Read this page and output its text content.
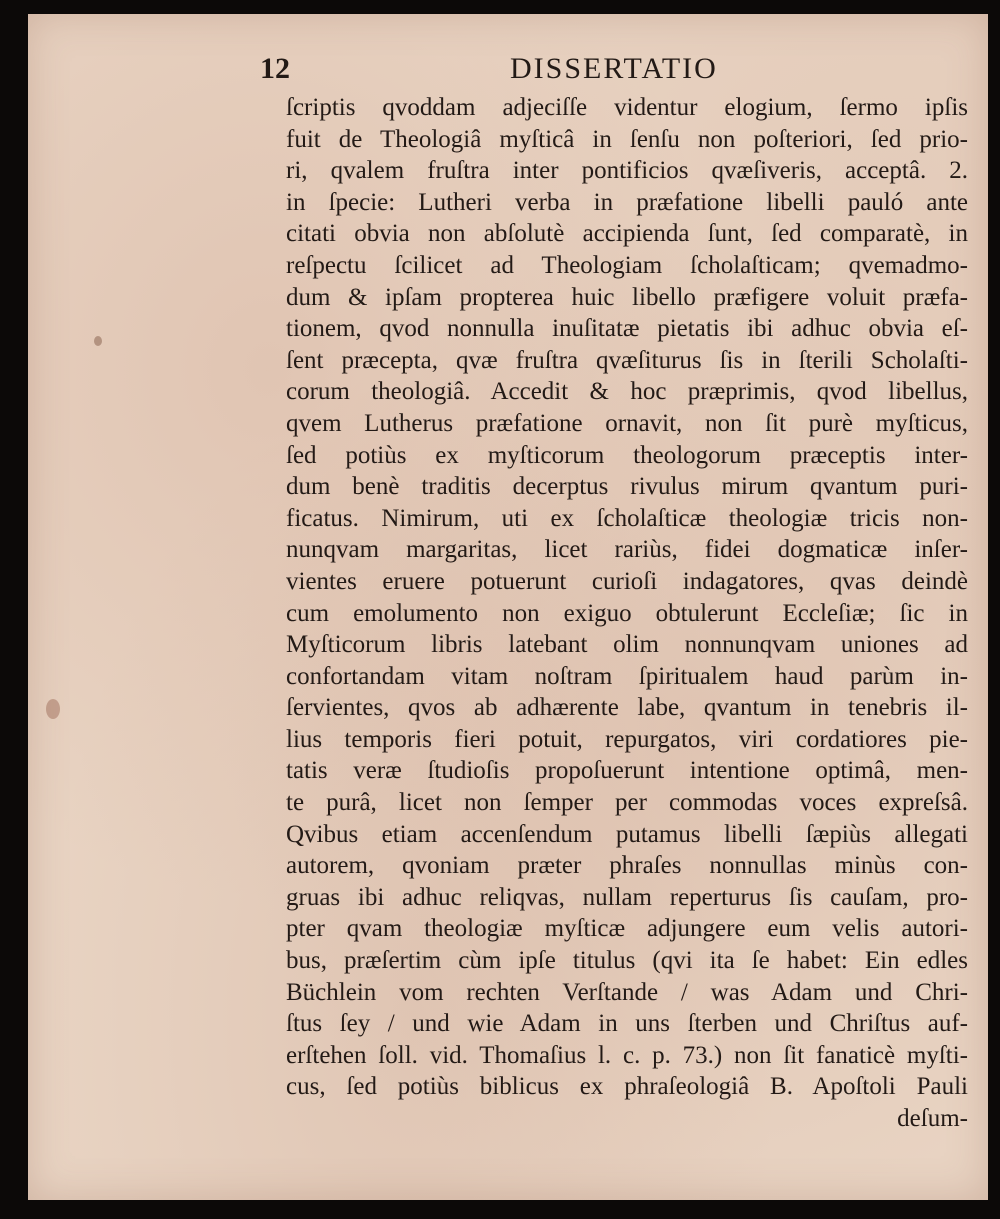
12	DISSERTATIO
ſcriptis qvoddam adjeciſſe videntur elogium, ſermo ipſis
fuit de Theologiâ myſticâ in ſenſu non poſteriori, ſed prio-
ri, qvalem fruſtra inter pontificios qvæſiveris, acceptâ. 2.
in ſpecie: Lutheri verba in præfatione libelli pauló ante
citati obvia non abſolutè accipienda ſunt, ſed comparatè, in
reſpectu ſcilicet ad Theologiam ſcholaſticam; qvemadmo-
dum & ipſam propterea huic libello præfigere voluit præfa-
tionem, qvod nonnulla inuſitatæ pietatis ibi adhuc obvia eſ-
ſent præcepta, qvæ fruſtra qvæſiturus ſis in ſterili Scholaſti-
corum theologiâ. Accedit & hoc præprimis, qvod libellus,
qvem Lutherus præfatione ornavit, non ſit purè myſticus,
ſed potiùs ex myſticorum theologorum præceptis inter-
dum benè traditis decerptus rivulus mirum qvantum puri-
ficatus. Nimirum, uti ex ſcholaſticæ theologiæ tricis non-
nunqvam margaritas, licet rariùs, fidei dogmaticæ inſer-
vientes eruere potuerunt curioſi indagatores, qvas deindè
cum emolumento non exiguo obtulerunt Eccleſiæ; ſic in
Myſticorum libris latebant olim nonnunqvam uniones ad
confortandam vitam noſtram ſpiritualem haud parùm in-
ſervientes, qvos ab adhærente labe, qvantum in tenebris il-
lius temporis fieri potuit, repurgatos, viri cordatiores pie-
tatis veræ ſtudioſis propoſuerunt intentione optimâ, men-
te purâ, licet non ſemper per commodas voces expreſsâ.
Qvibus etiam accenſendum putamus libelli ſæpiùs allegati
autorem, qvoniam præter phraſes nonnullas minùs con-
gruas ibi adhuc reliqvas, nullam reperturus ſis cauſam, pro-
pter qvam theologiæ myſticæ adjungere eum velis autori-
bus, præſertim cùm ipſe titulus (qvi ita ſe habet: Ein edles
Büchlein vom rechten Verſtande / was Adam und Chri-
ſtus ſey / und wie Adam in uns ſterben und Chriſtus auf-
erſtehen ſoll. vid. Thomaſius l. c. p. 73.) non ſit fanaticè myſti-
cus, ſed potiùs biblicus ex phraſeologiâ B. Apoſtoli Pauli
deſum-
